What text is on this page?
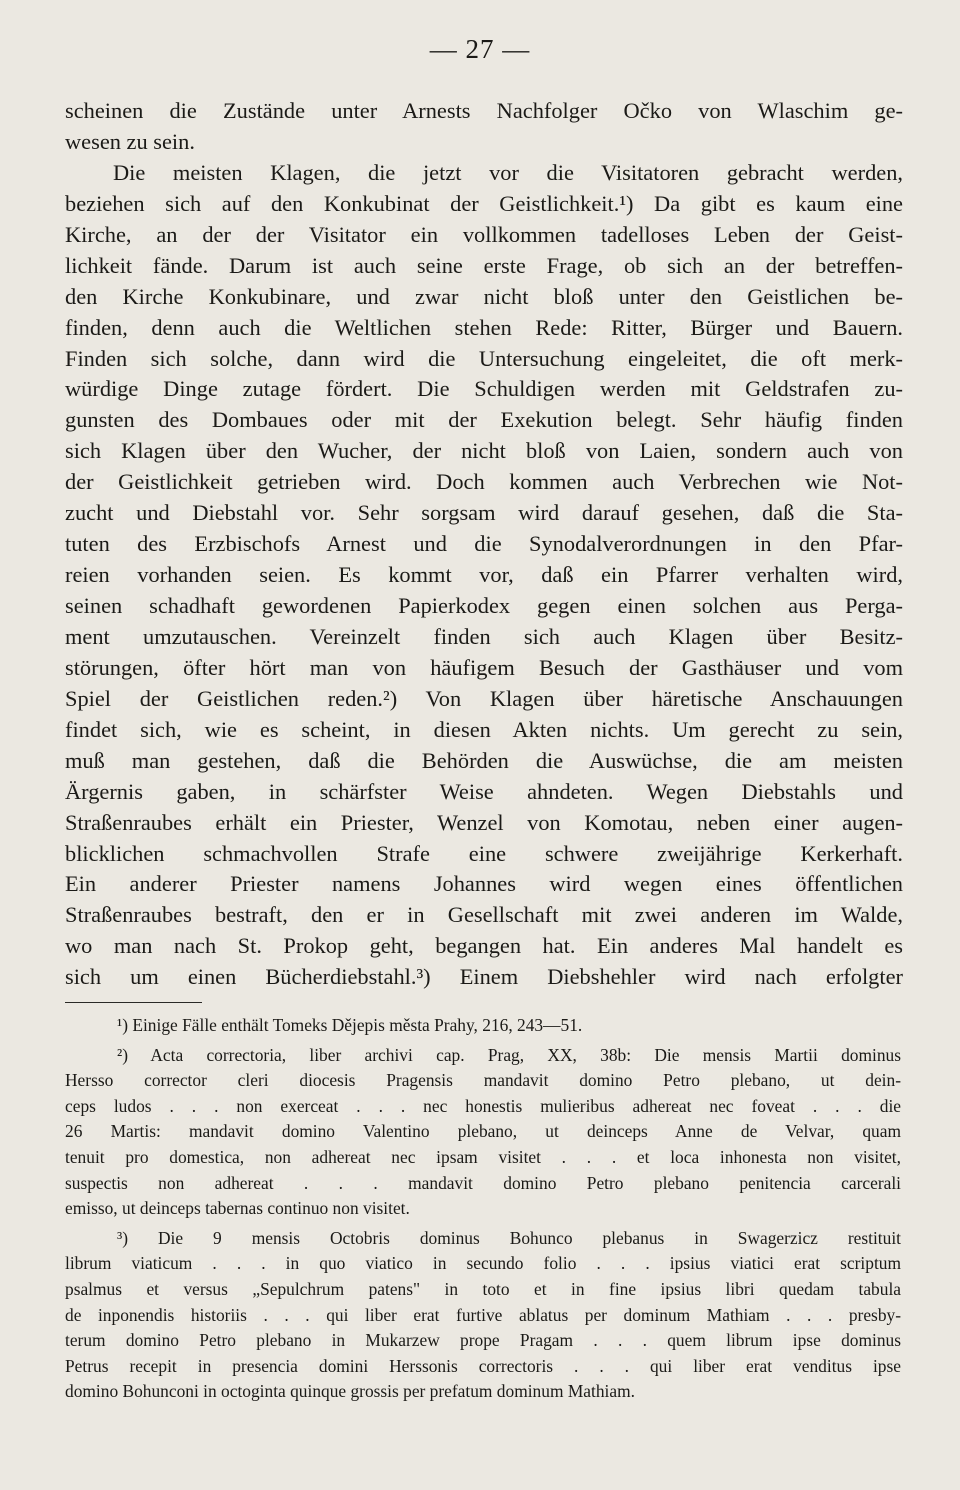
— 27 —
scheinen die Zustände unter Arnests Nachfolger Očko von Wlaschim ge-
wesen zu sein.
Die meisten Klagen, die jetzt vor die Visitatoren gebracht werden,
beziehen sich auf den Konkubinat der Geistlichkeit.¹) Da gibt es kaum eine
Kirche, an der der Visitator ein vollkommen tadelloses Leben der Geist-
lichkeit fände. Darum ist auch seine erste Frage, ob sich an der betreffen-
den Kirche Konkubinare, und zwar nicht bloß unter den Geistlichen be-
finden, denn auch die Weltlichen stehen Rede: Ritter, Bürger und Bauern.
Finden sich solche, dann wird die Untersuchung eingeleitet, die oft merk-
würdige Dinge zutage fördert. Die Schuldigen werden mit Geldstrafen zu-
gunsten des Dombaues oder mit der Exekution belegt. Sehr häufig finden
sich Klagen über den Wucher, der nicht bloß von Laien, sondern auch von
der Geistlichkeit getrieben wird. Doch kommen auch Verbrechen wie Not-
zucht und Diebstahl vor. Sehr sorgsam wird darauf gesehen, daß die Sta-
tuten des Erzbischofs Arnest und die Synodalverordnungen in den Pfar-
reien vorhanden seien. Es kommt vor, daß ein Pfarrer verhalten wird,
seinen schadhaft gewordenen Papierkodex gegen einen solchen aus Perga-
ment umzutauschen. Vereinzelt finden sich auch Klagen über Besitz-
störungen, öfter hört man von häufigem Besuch der Gasthäuser und vom
Spiel der Geistlichen reden.²) Von Klagen über häretische Anschauungen
findet sich, wie es scheint, in diesen Akten nichts. Um gerecht zu sein,
muß man gestehen, daß die Behörden die Auswüchse, die am meisten
Ärgernis gaben, in schärfster Weise ahndeten. Wegen Diebstahls und
Straßenraubes erhält ein Priester, Wenzel von Komotau, neben einer augen-
blicklichen schmachvollen Strafe eine schwere zweijährige Kerkerhaft.
Ein anderer Priester namens Johannes wird wegen eines öffentlichen
Straßenraubes bestraft, den er in Gesellschaft mit zwei anderen im Walde,
wo man nach St. Prokop geht, begangen hat. Ein anderes Mal handelt es
sich um einen Bücherdiebstahl.³) Einem Diebshehler wird nach erfolgter
¹) Einige Fälle enthält Tomeks Dějepis města Prahy, 216, 243—51.
²) Acta correctoria, liber archivi cap. Prag, XX, 38b: Die mensis Martii dominus
Hersso corrector cleri diocesis Pragensis mandavit domino Petro plebano, ut dein-
ceps ludos . . . non exerceat . . . nec honestis mulieribus adhereat nec foveat . . . die
26 Martis: mandavit domino Valentino plebano, ut deinceps Anne de Velvar, quam
tenuit pro domestica, non adhereat nec ipsam visitet . . . et loca inhonesta non visitet,
suspectis non adhereat . . . mandavit domino Petro plebano penitencia carcerali
emisso, ut deinceps tabernas continuo non visitet.
³) Die 9 mensis Octobris dominus Bohunco plebanus in Swagerzicz restituit
librum viaticum . . . in quo viatico in secundo folio . . . ipsius viatici erat scriptum
psalmus et versus „Sepulchrum patens" in toto et in fine ipsius libri quedam tabula
de inponendis historiis . . . qui liber erat furtive ablatus per dominum Mathiam . . . presby-
terum domino Petro plebano in Mukarzew prope Pragam . . . quem librum ipse dominus
Petrus recepit in presencia domini Herssonis correctoris . . . qui liber erat venditus ipse
domino Bohunconi in octoginta quinque grossis per prefatum dominum Mathiam.
